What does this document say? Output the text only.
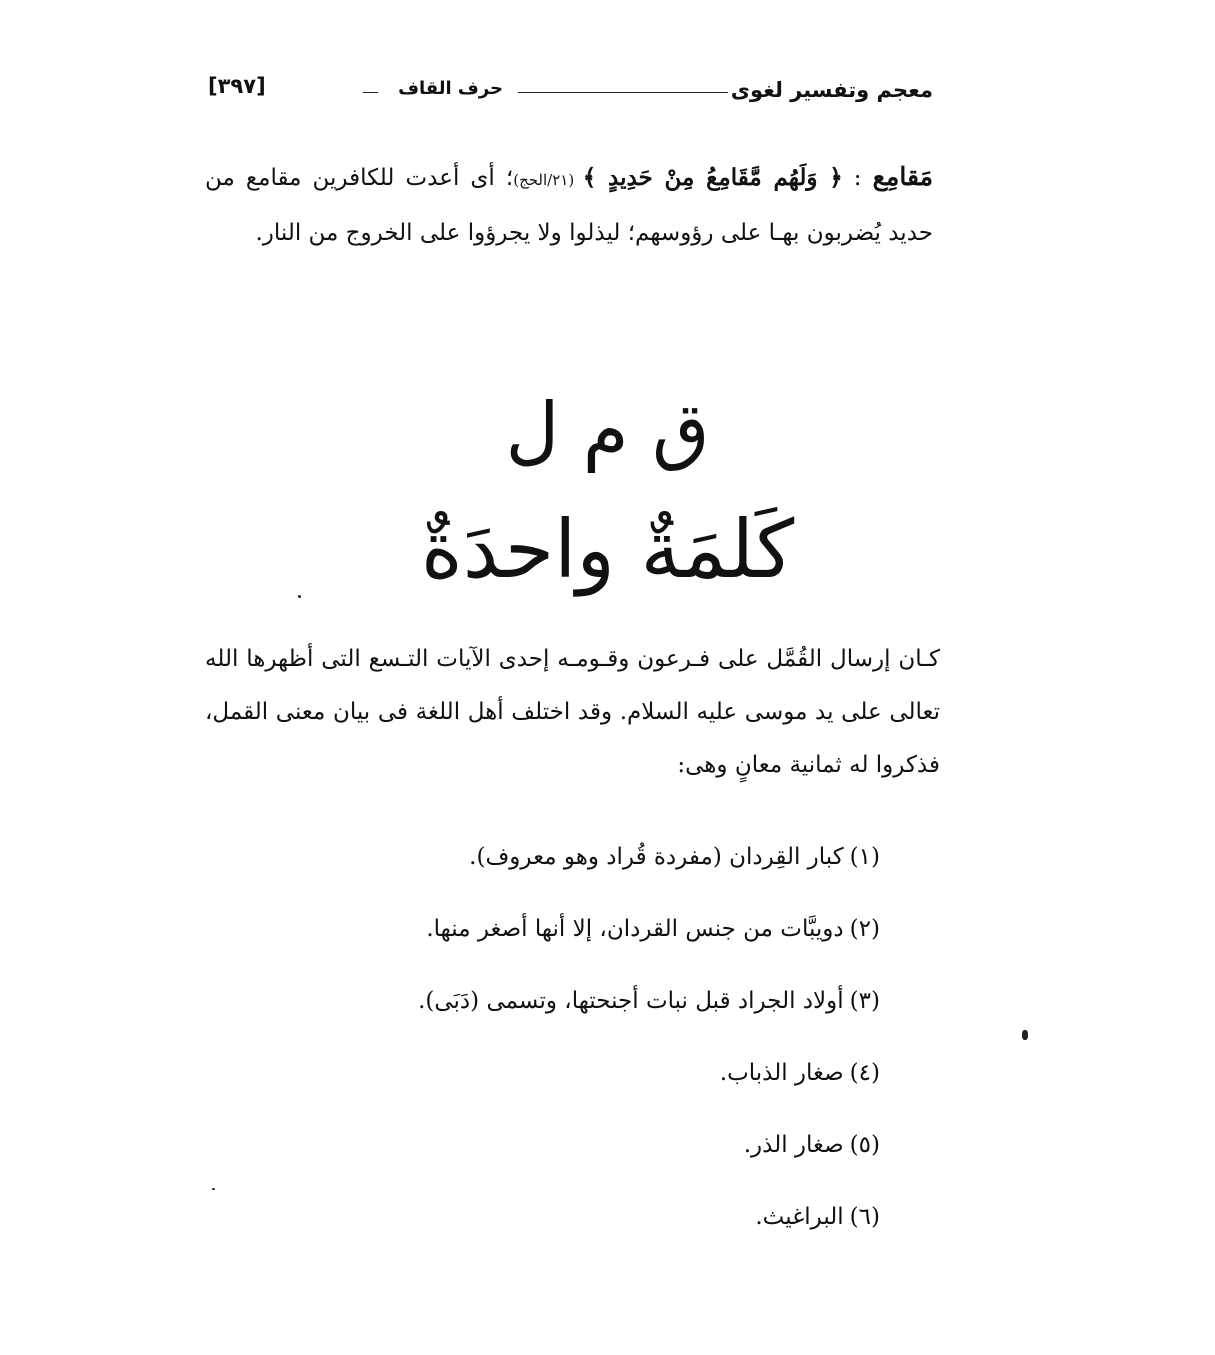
معجم وتفسير لغوى
حرف القاف
[٣٩٧]
مَقامِع : ﴿ وَلَهُم مَّقَامِعُ مِنْ حَدِيدٍ ﴾ (٢١/الحج)؛ أى أعدت للكافرين مقامع من حديد يُضربون بهـا على رؤوسهم؛ ليذلوا ولا يجرؤوا على الخروج من النار.
ق م ل
كَلمَةٌ واحدَةٌ
كـان إرسال القُمَّل على فـرعون وقـومـه إحدى الآيات التـسع التى أظهرها الله تعالى على يد موسى عليه السلام. وقد اختلف أهل اللغة فى بيان معنى القمل، فذكروا له ثمانية معانٍ وهى:
(١)كبار القِردان (مفردة قُراد وهو معروف).
(٢)دويبَّات من جنس القردان، إلا أنها أصغر منها.
(٣)أولاد الجراد قبل نبات أجنحتها، وتسمى (دَبَى).
(٤)صغار الذباب.
(٥)صغار الذر.
(٦)البراغيث.
